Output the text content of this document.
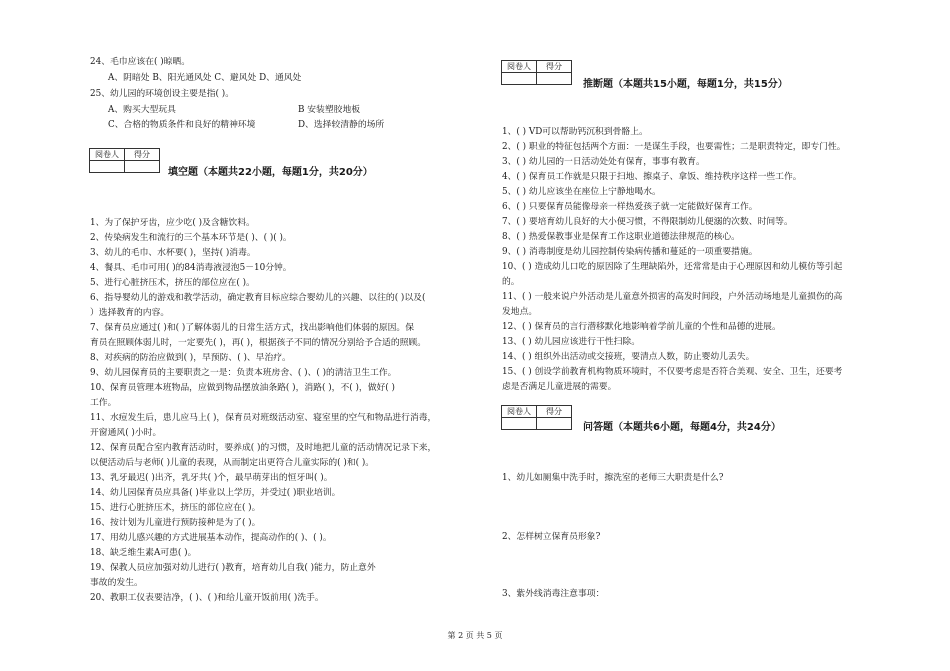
24、毛巾应该在( )晾晒。
A、阴暗处 B、阳光通风处 C、避风处 D、通风处
25、幼儿园的环境创设主要是指( )。
A、购买大型玩具	B 安装塑胶地板
C、合格的物质条件和良好的精神环境	D、选择较清静的场所
阅卷人	得分

填空题（本题共22小题，每题1分，共20分）
1、为了保护牙齿，应少吃( )及含糖饮料。
2、传染病发生和流行的三个基本环节是( )、( )( )。
3、幼儿的毛巾、水杯要( )，坚持( )消毒。
4、餐具、毛巾可用( )的84消毒液浸泡5－10分钟。
5、进行心脏挤压术，挤压的部位应在( )。
6、指导婴幼儿的游戏和教学活动，确定教育目标应综合婴幼儿的兴趣、以往的( )以及(
）选择教育的内容。
7、保育员应通过( )和( )了解体弱儿的日常生活方式，找出影响他们体弱的原因。保
育员在照顾体弱儿时，一定要先( )，再( )，根据孩子不同的情况分别给予合适的照顾。
8、对疾病的防治应做到( )，早预防、( )、早治疗。
9、幼儿园保育员的主要职责之一是：负责本班房舍、( )、( )的清洁卫生工作。
10、保育员管理本班物品，应做到物品摆放油条路( )，消路( )，不( )，做好( )
工作。
11、水痘发生后，患儿应马上( )，保育员对班级活动室、寝室里的空气和物品进行消毒，
开窗通风( )小时。
12、保育员配合室内教育活动时，要养成( )的习惯，及时地把儿童的活动情况记录下来，
以便活动后与老师( )儿童的表现，从而制定出更符合儿童实际的( )和( )。
13、乳牙最迟( )出齐，乳牙共( )个，最早萌芽出的恒牙叫( )。
14、幼儿园保育员应具备( )毕业以上学历，并受过( )职业培训。
15、进行心脏挤压术，挤压的部位应在( )。
16、按计划为儿童进行预防接种是为了( )。
17、用幼儿感兴趣的方式进展基本动作，提高动作的( )、( )。
18、缺乏维生素A可患( )。
19、保教人员应加强对幼儿进行( )教育，培育幼儿自我( )能力，防止意外
事故的发生。
20、教职工仪表要洁净，( )、( )和给儿童开饭前用( )洗手。
阅卷人	得分

推断题（本题共15小题，每题1分，共15分）
1、( ) VD可以帮助钙沉积到骨骼上。
2、( ) 职业的特征包括两个方面：一是谋生手段，也要需性；二是职责特定，即专门性。
3、( ) 幼儿园的一日活动处处有保育，事事有教育。
4、( ) 保育员工作就是只限于扫地、擦桌子、拿饭、维持秩序这样一些工作。
5、( ) 幼儿应该坐在座位上宁静地喝水。
6、( ) 只要保育员能像母亲一样热爱孩子就一定能做好保育工作。
7、( ) 要培育幼儿良好的大小便习惯，不得限制幼儿便溺的次数、时间等。
8、( ) 热爱保教事业是保育工作这职业道德法律规范的核心。
9、( ) 消毒制度是幼儿园控制传染病传播和蔓延的一项重要措施。
10、( ) 造成幼儿口吃的原因除了生理缺陷外，还常常是由于心理原因和幼儿模仿等引起
的。
11、( ) 一般来说户外活动是儿童意外损害的高发时间段，户外活动场地是儿童损伤的高
发地点。
12、( ) 保育员的言行潜移默化地影响着学前儿童的个性和品德的进展。
13、( ) 幼儿园应该进行干性扫除。
14、( ) 组织外出活动或交接班，要清点人数，防止婴幼儿丢失。
15、( ) 创设学前教育机构物质环境时，不仅要考虑是否符合美观、安全、卫生，还要考
虑是否满足儿童进展的需要。
阅卷人	得分

问答题（本题共6小题，每题4分，共24分）
1、幼儿如厕集中洗手时，擦洗室的老师三大职责是什么?
2、怎样树立保育员形象?
3、紫外线消毒注意事项：
第 2 页 共 5 页
